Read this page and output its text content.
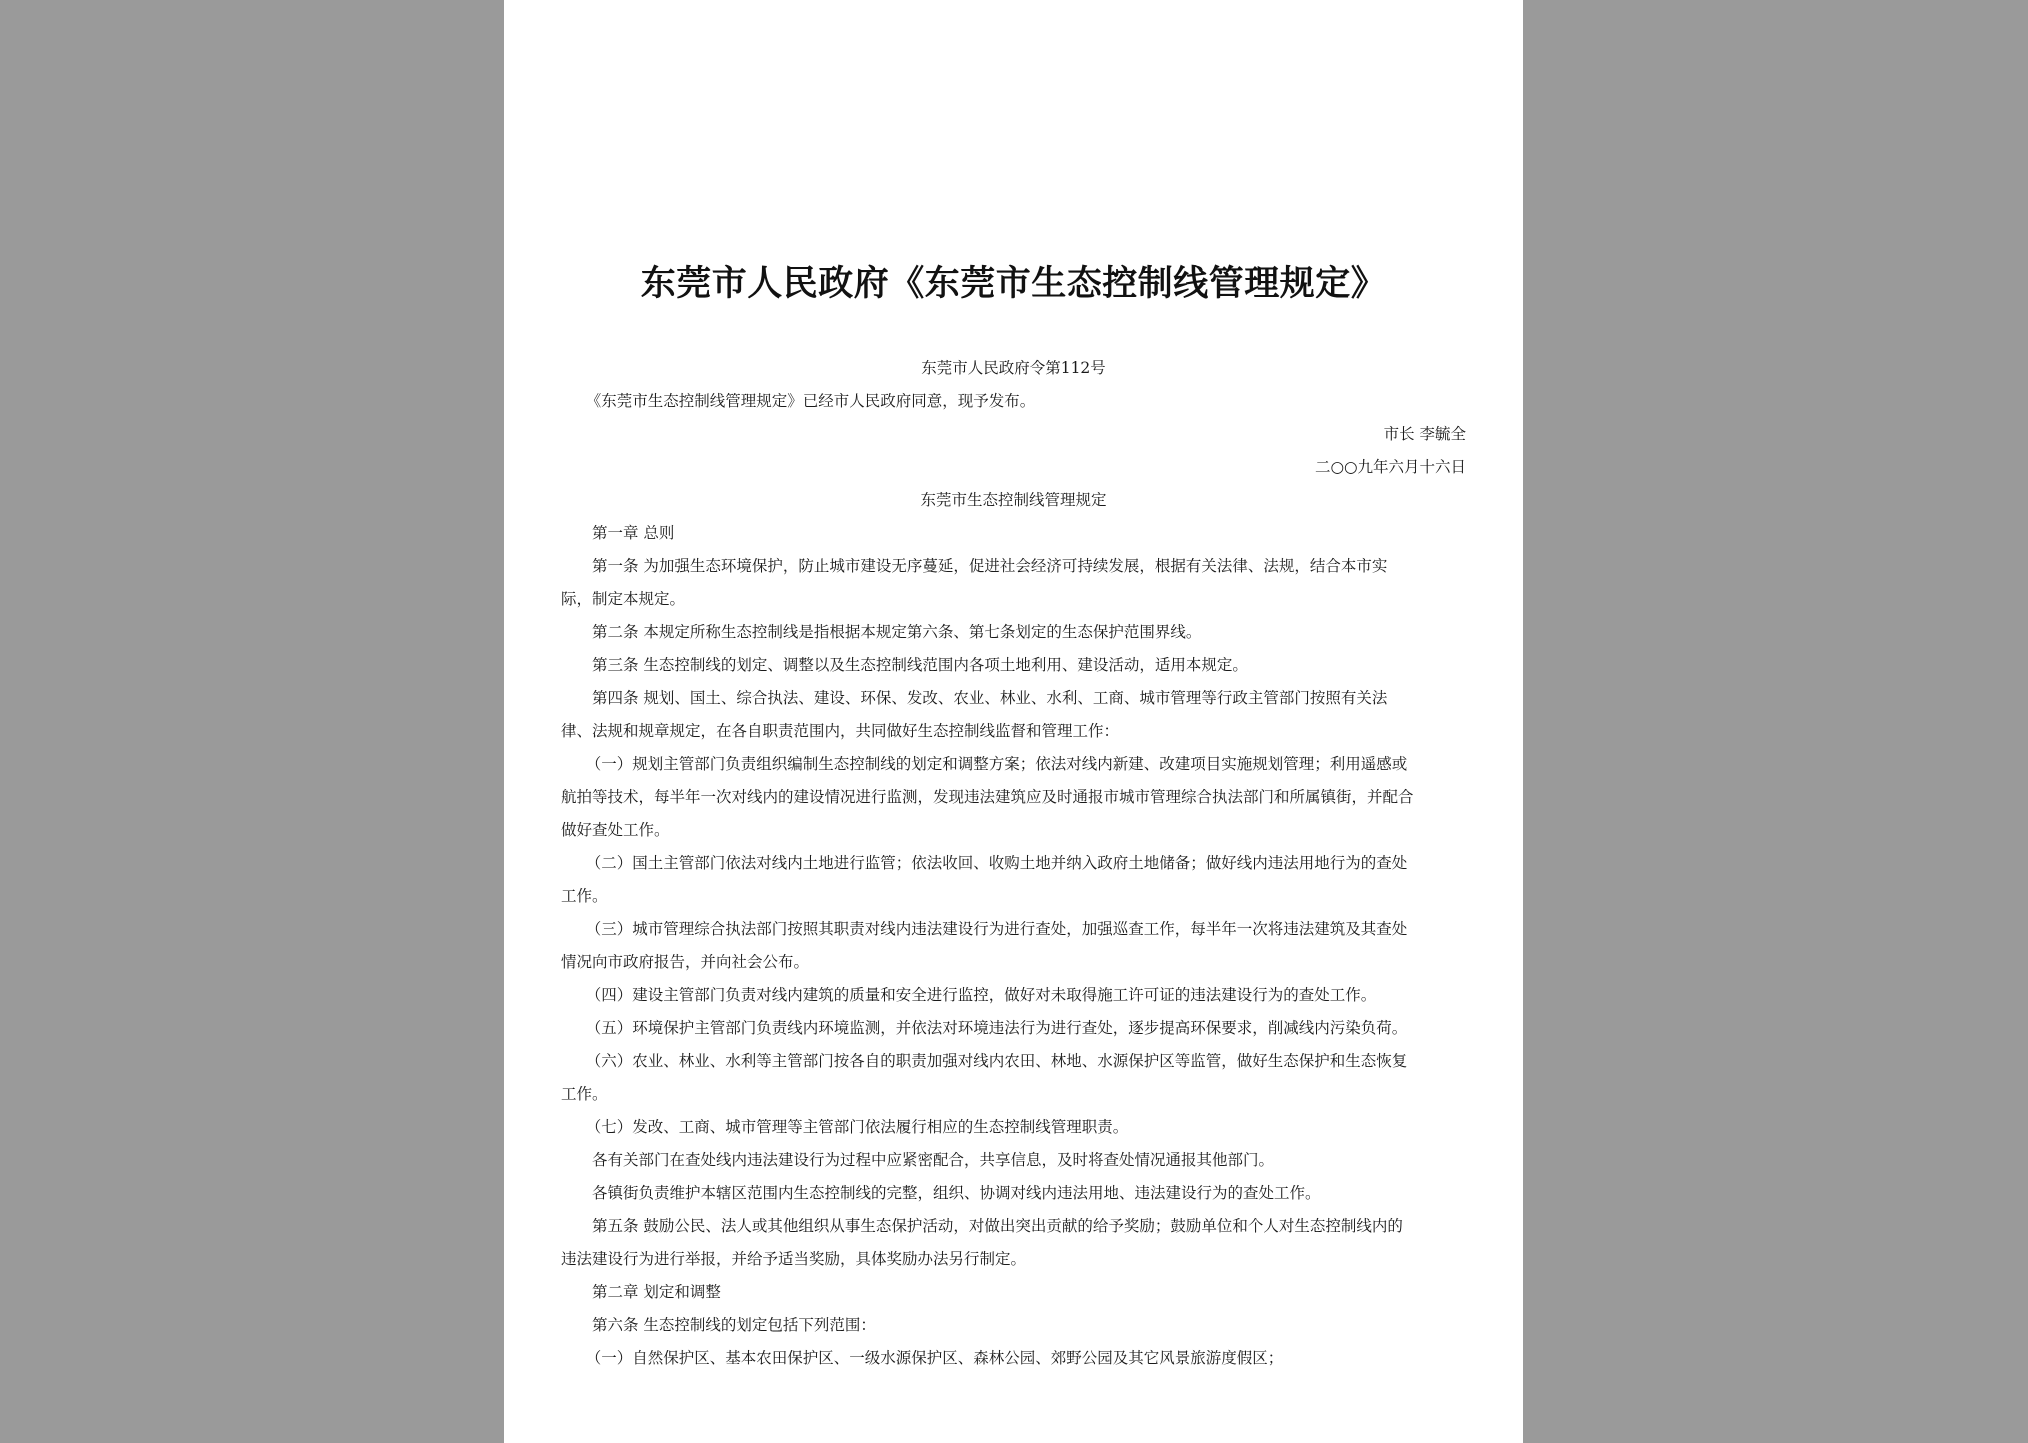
东莞市人民政府《东莞市生态控制线管理规定》
东莞市人民政府令第112号
《东莞市生态控制线管理规定》已经市人民政府同意，现予发布。
市长 李毓全
二○○九年六月十六日
东莞市生态控制线管理规定
第一章 总则
第一条 为加强生态环境保护，防止城市建设无序蔓延，促进社会经济可持续发展，根据有关法律、法规，结合本市实
际，制定本规定。
第二条 本规定所称生态控制线是指根据本规定第六条、第七条划定的生态保护范围界线。
第三条 生态控制线的划定、调整以及生态控制线范围内各项土地利用、建设活动，适用本规定。
第四条 规划、国土、综合执法、建设、环保、发改、农业、林业、水利、工商、城市管理等行政主管部门按照有关法
律、法规和规章规定，在各自职责范围内，共同做好生态控制线监督和管理工作：
（一）规划主管部门负责组织编制生态控制线的划定和调整方案；依法对线内新建、改建项目实施规划管理；利用遥感或
航拍等技术，每半年一次对线内的建设情况进行监测，发现违法建筑应及时通报市城市管理综合执法部门和所属镇街，并配合
做好查处工作。
（二）国土主管部门依法对线内土地进行监管；依法收回、收购土地并纳入政府土地储备；做好线内违法用地行为的查处
工作。
（三）城市管理综合执法部门按照其职责对线内违法建设行为进行查处，加强巡查工作，每半年一次将违法建筑及其查处
情况向市政府报告，并向社会公布。
（四）建设主管部门负责对线内建筑的质量和安全进行监控，做好对未取得施工许可证的违法建设行为的查处工作。
（五）环境保护主管部门负责线内环境监测，并依法对环境违法行为进行查处，逐步提高环保要求，削减线内污染负荷。
（六）农业、林业、水利等主管部门按各自的职责加强对线内农田、林地、水源保护区等监管，做好生态保护和生态恢复
工作。
（七）发改、工商、城市管理等主管部门依法履行相应的生态控制线管理职责。
各有关部门在查处线内违法建设行为过程中应紧密配合，共享信息，及时将查处情况通报其他部门。
各镇街负责维护本辖区范围内生态控制线的完整，组织、协调对线内违法用地、违法建设行为的查处工作。
第五条 鼓励公民、法人或其他组织从事生态保护活动，对做出突出贡献的给予奖励；鼓励单位和个人对生态控制线内的
违法建设行为进行举报，并给予适当奖励，具体奖励办法另行制定。
第二章 划定和调整
第六条 生态控制线的划定包括下列范围：
（一）自然保护区、基本农田保护区、一级水源保护区、森林公园、郊野公园及其它风景旅游度假区；
